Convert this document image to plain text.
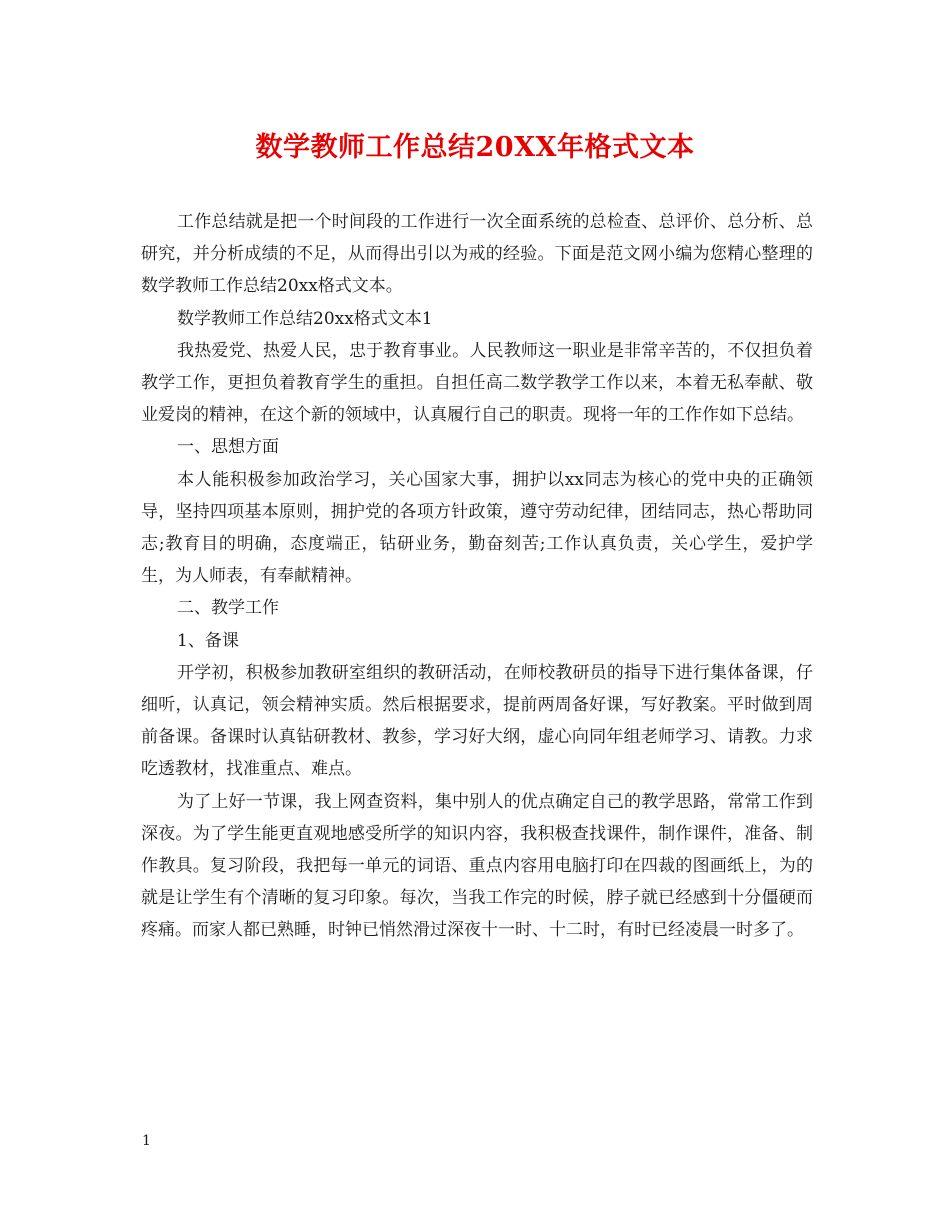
数学教师工作总结20XX年格式文本

工作总结就是把一个时间段的工作进行一次全面系统的总检查、总评价、总分析、总研究，并分析成绩的不足，从而得出引以为戒的经验。下面是范文网小编为您精心整理的数学教师工作总结20xx格式文本。

数学教师工作总结20xx格式文本1

我热爱党、热爱人民，忠于教育事业。人民教师这一职业是非常辛苦的，不仅担负着教学工作，更担负着教育学生的重担。自担任高二数学教学工作以来，本着无私奉献、敬业爱岗的精神，在这个新的领域中，认真履行自己的职责。现将一年的工作作如下总结。

一、思想方面

本人能积极参加政治学习，关心国家大事，拥护以xx同志为核心的党中央的正确领导，坚持四项基本原则，拥护党的各项方针政策，遵守劳动纪律，团结同志，热心帮助同志;教育目的明确，态度端正，钻研业务，勤奋刻苦;工作认真负责，关心学生，爱护学生，为人师表，有奉献精神。

二、教学工作

1、备课

开学初，积极参加教研室组织的教研活动，在师校教研员的指导下进行集体备课，仔细听，认真记，领会精神实质。然后根据要求，提前两周备好课，写好教案。平时做到周前备课。备课时认真钻研教材、教参，学习好大纲，虚心向同年组老师学习、请教。力求吃透教材，找准重点、难点。

为了上好一节课，我上网查资料，集中别人的优点确定自己的教学思路，常常工作到深夜。为了学生能更直观地感受所学的知识内容，我积极查找课件，制作课件，准备、制作教具。复习阶段，我把每一单元的词语、重点内容用电脑打印在四裁的图画纸上，为的就是让学生有个清晰的复习印象。每次，当我工作完的时候，脖子就已经感到十分僵硬而疼痛。而家人都已熟睡，时钟已悄然滑过深夜十一时、十二时，有时已经凌晨一时多了。

1
